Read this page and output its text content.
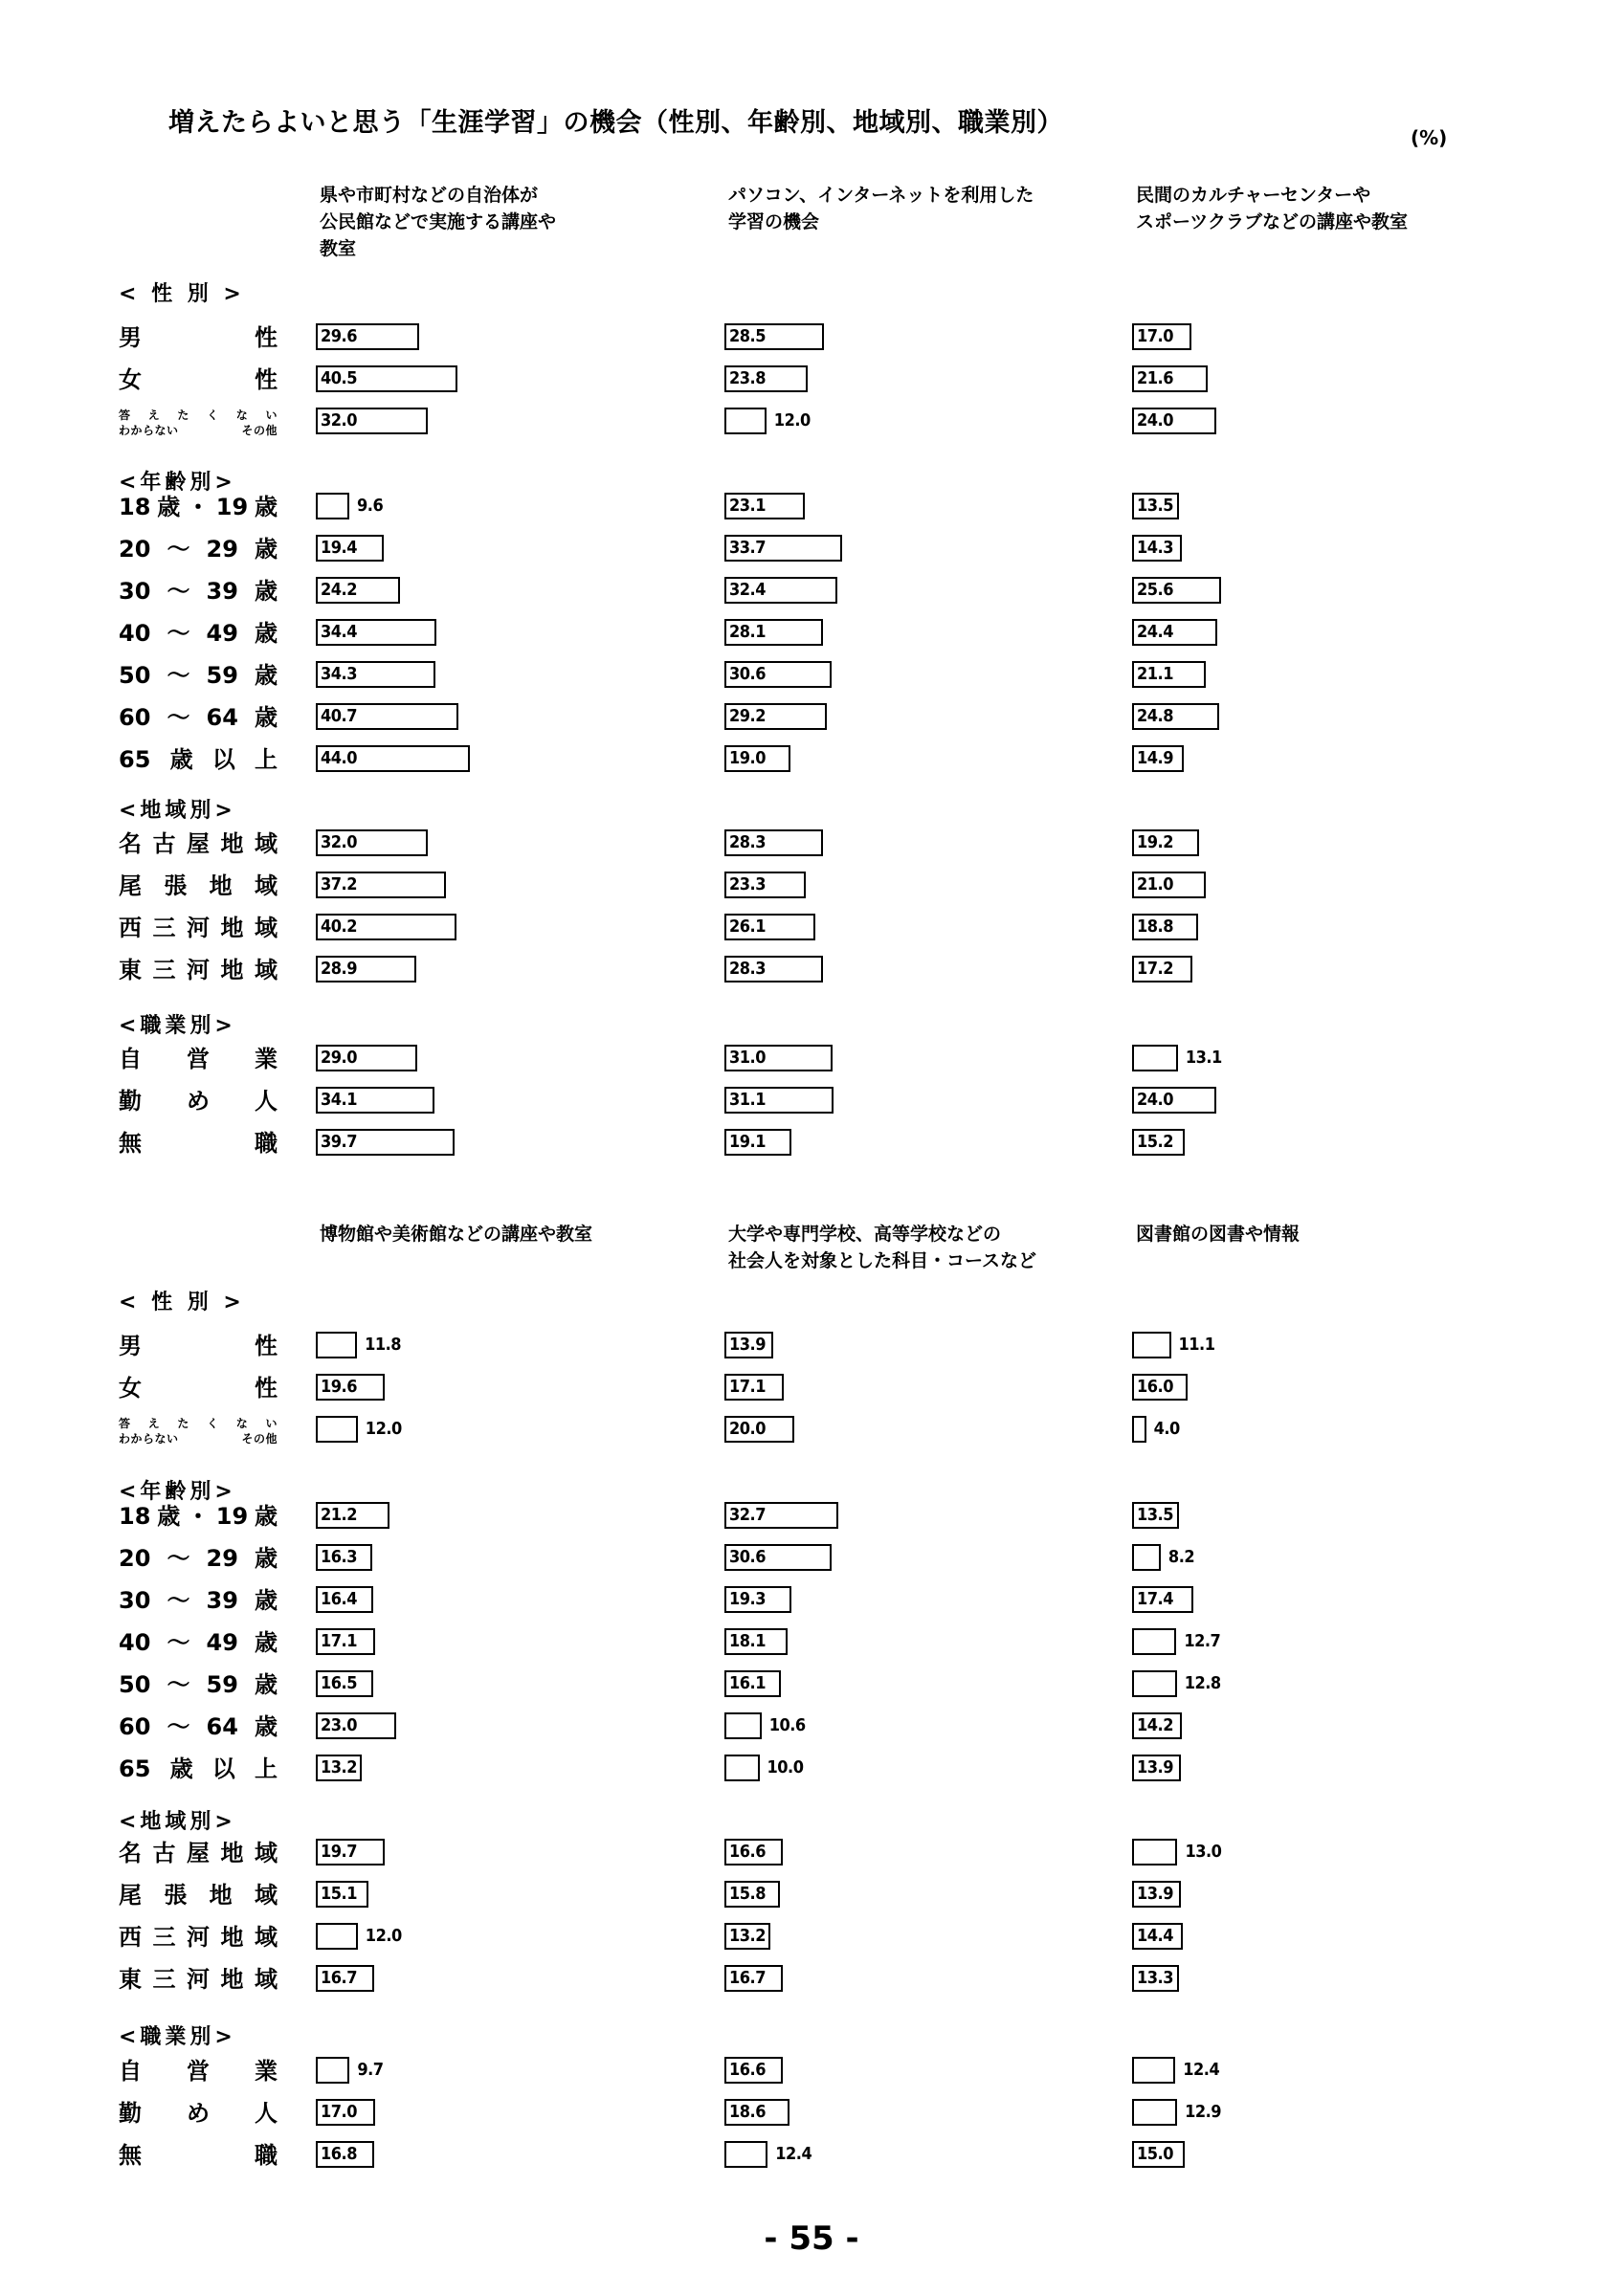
増えたらよいと思う「生涯学習」の機会（性別、年齢別、地域別、職業別）	(%)
県や市町村などの自治体が
公民館などで実施する講座や
教室
パソコン、インターネットを利用した
学習の機会
民間のカルチャーセンターや
スポーツクラブなどの講座や教室
< 性 別 >
男	性	29.6	28.5	17.0
女	性	40.5	23.8	21.6
答 え た く な い
わからない	その他	32.0	12.0	24.0
<年齢別>
18 歳 ・ 19 歳	9.6	23.1	13.5
20 ～ 29 歳	19.4	33.7	14.3
30 ～ 39 歳	24.2	32.4	25.6
40 ～ 49 歳	34.4	28.1	24.4
50 ～ 59 歳	34.3	30.6	21.1
60 ～ 64 歳	40.7	29.2	24.8
65 歳 以 上	44.0	19.0	14.9
<地域別>
名 古 屋 地 域	32.0	28.3	19.2
尾 張 地 域	37.2	23.3	21.0
西 三 河 地 域	40.2	26.1	18.8
東 三 河 地 域	28.9	28.3	17.2
<職業別>
自 営 業	29.0	31.0	13.1
勤 め 人	34.1	31.1	24.0
無	職	39.7	19.1	15.2
博物館や美術館などの講座や教室	大学や専門学校、高等学校などの
社会人を対象とした科目・コースなど
図書館の図書や情報
< 性 別 >
男	性	11.8	13.9	11.1
女	性	19.6	17.1	16.0
答 え た く な い
わからない	その他	12.0	20.0	4.0
<年齢別>
18 歳 ・ 19 歳	21.2	32.7	13.5
20 ～ 29 歳	16.3	30.6	8.2
30 ～ 39 歳	16.4	19.3	17.4
40 ～ 49 歳	17.1	18.1	12.7
50 ～ 59 歳	16.5	16.1	12.8
60 ～ 64 歳	23.0	10.6	14.2
65 歳 以 上	13.2	10.0	13.9
<地域別>
名 古 屋 地 域	19.7	16.6	13.0
尾 張 地 域	15.1	15.8	13.9
西 三 河 地 域	12.0	13.2	14.4
東 三 河 地 域	16.7	16.7	13.3
<職業別>
自 営 業	9.7	16.6	12.4
勤 め 人	17.0	18.6	12.9
無	職	16.8	12.4	15.0
- 55 -
